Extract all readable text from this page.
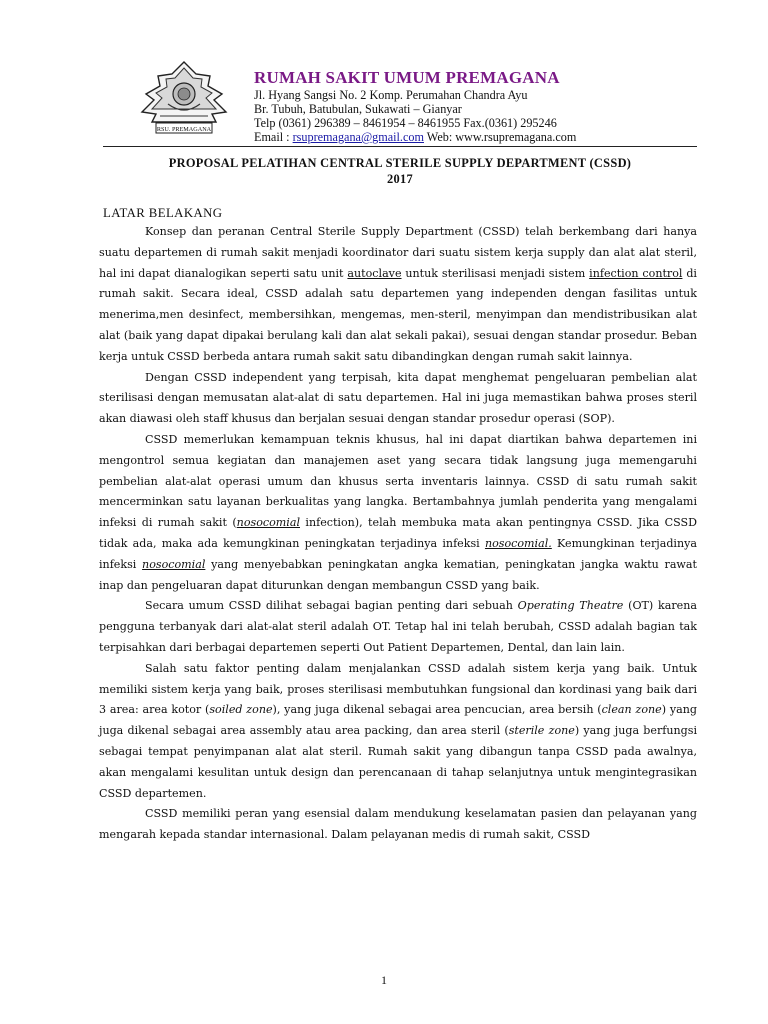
RSU. PREMAGANA
RUMAH SAKIT UMUM PREMAGANA
Jl. Hyang Sangsi No. 2 Komp. Perumahan Chandra Ayu
Br. Tubuh, Batubulan, Sukawati – Gianyar
Telp (0361) 296389 – 8461954 – 8461955 Fax.(0361) 295246
Email : rsupremagana@gmail.com Web: www.rsupremagana.com
PROPOSAL PELATIHAN CENTRAL STERILE SUPPLY DEPARTMENT (CSSD)
2017
LATAR BELAKANG

Konsep dan peranan Central Sterile Supply Department (CSSD) telah berkembang dari hanya suatu departemen di rumah sakit menjadi koordinator dari suatu sistem kerja supply dan alat alat steril, hal ini dapat dianalogikan seperti satu unit autoclave untuk sterilisasi menjadi sistem infection control di rumah sakit. Secara ideal, CSSD adalah satu departemen yang independen dengan fasilitas untuk menerima,men desinfect, membersihkan, mengemas, men-steril, menyimpan dan mendistribusikan alat alat (baik yang dapat dipakai berulang kali dan alat sekali pakai), sesuai dengan standar prosedur. Beban kerja untuk CSSD berbeda antara rumah sakit satu dibandingkan dengan rumah sakit lainnya.

Dengan CSSD independent yang terpisah, kita dapat menghemat pengeluaran pembelian alat sterilisasi dengan memusatan alat-alat di satu departemen. Hal ini juga memastikan bahwa proses steril akan diawasi oleh staff khusus dan berjalan sesuai dengan standar prosedur operasi (SOP).

CSSD memerlukan kemampuan teknis khusus, hal ini dapat diartikan bahwa departemen ini mengontrol semua kegiatan dan manajemen aset yang secara tidak langsung juga memengaruhi pembelian alat-alat operasi umum dan khusus serta inventaris lainnya. CSSD di satu rumah sakit mencerminkan satu layanan berkualitas yang langka. Bertambahnya jumlah penderita yang mengalami infeksi di rumah sakit (nosocomial infection), telah membuka mata akan pentingnya CSSD. Jika CSSD tidak ada, maka ada kemungkinan peningkatan terjadinya infeksi nosocomial. Kemungkinan terjadinya infeksi nosocomial yang menyebabkan peningkatan angka kematian, peningkatan jangka waktu rawat inap dan pengeluaran dapat diturunkan dengan membangun CSSD yang baik.

Secara umum CSSD dilihat sebagai bagian penting dari sebuah Operating Theatre (OT) karena pengguna terbanyak dari alat-alat steril adalah OT. Tetap hal ini telah berubah, CSSD adalah bagian tak terpisahkan dari berbagai departemen seperti Out Patient Departemen, Dental, dan lain lain.

Salah satu faktor penting dalam menjalankan CSSD adalah sistem kerja yang baik. Untuk memiliki sistem kerja yang baik, proses sterilisasi membutuhkan fungsional dan kordinasi yang baik dari 3 area: area kotor (soiled zone), yang juga dikenal sebagai area pencucian, area bersih (clean zone) yang juga dikenal sebagai area assembly atau area packing, dan area steril (sterile zone) yang juga berfungsi sebagai tempat penyimpanan alat alat steril. Rumah sakit yang dibangun tanpa CSSD pada awalnya, akan mengalami kesulitan untuk design dan perencanaan di tahap selanjutnya untuk mengintegrasikan CSSD departemen.

CSSD memiliki peran yang esensial dalam mendukung keselamatan pasien dan pelayanan yang mengarah kepada standar internasional. Dalam pelayanan medis di rumah sakit, CSSD

1
